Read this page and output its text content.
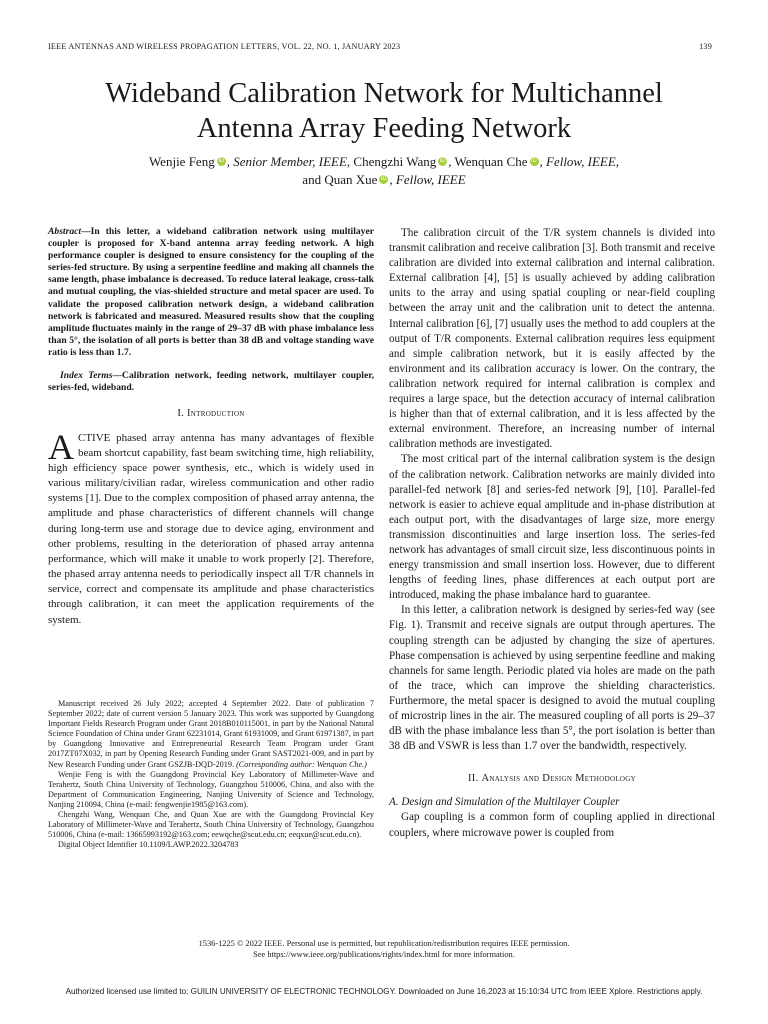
IEEE ANTENNAS AND WIRELESS PROPAGATION LETTERS, VOL. 22, NO. 1, JANUARY 2023	139
Wideband Calibration Network for Multichannel
Antenna Array Feeding Network
Wenjie Feng iD , Senior Member, IEEE, Chengzhi Wang iD , Wenquan Che iD , Fellow, IEEE,
and Quan Xue iD , Fellow, IEEE

Abstract—In this letter, a wideband calibration network using multilayer coupler is proposed for X-band antenna array feeding network. A high performance coupler is designed to ensure consistency for the coupling of the series-fed structure. By using a serpentine feedline and making all channels the same length, phase imbalance is decreased. To reduce lateral leakage, cross-talk and mutual coupling, the vias-shielded structure and metal spacer are used. To validate the proposed calibration network design, a wideband calibration network is fabricated and measured. Measured results show that the coupling amplitude fluctuates mainly in the range of 29–37 dB with phase imbalance less than 5°, the isolation of all ports is better than 38 dB and voltage standing wave ratio is less than 1.7.

Index Terms—Calibration network, feeding network, multilayer coupler, series-fed, wideband.

I. Introduction

ACTIVE phased array antenna has many advantages of flexible beam shortcut capability, fast beam switching time, high reliability, high efficiency space power synthesis, etc., which is widely used in various military/civilian radar, wireless communication and other radio systems [1]. Due to the complex composition of phased array antenna, the amplitude and phase characteristics of different channels will change during long-term use and storage due to device aging, environment and other problems, resulting in the deterioration of phased array antenna performance, which will make it unable to work properly [2]. Therefore, the phased array antenna needs to periodically inspect all T/R channels in service, correct and compensate its amplitude and phase characteristics through calibration, it can meet the application requirements of the system.

Manuscript received 26 July 2022; accepted 4 September 2022. Date of publication 7 September 2022; date of current version 5 January 2023. This work was supported by Guangdong Important Fields Research Program under Grant 2018B010115001, in part by the National Natural Science Foundation of China under Grant 62231014, Grant 61931009, and Grant 61971387, in part by Guangdong Innovative and Entrepreneurial Research Team Program under Grant 2017ZT07X032, in part by Opening Research Funding under Grant SAST2021-009, and in part by New Research Funding under Grant GSZJB-DQD-2019. (Corresponding author: Wenquan Che.)

Wenjie Feng is with the Guangdong Provincial Key Laboratory of Millimeter-Wave and Terahertz, South China University of Technology, Guangzhou 510006, China, and also with the Department of Communication Engineering, Nanjing University of Science and Technology, Nanjing 210094, China (e-mail: fengwenjie1985@163.com).

Chengzhi Wang, Wenquan Che, and Quan Xue are with the Guangdong Provincial Key Laboratory of Millimeter-Wave and Terahertz, South China University of Technology, Guangzhou 510006, China (e-mail: 13665993192@163.com; eewqche@scut.edu.cn; eeqxue@scut.edu.cn).

Digital Object Identifier 10.1109/LAWP.2022.3204783

The calibration circuit of the T/R system channels is divided into transmit calibration and receive calibration [3]. Both transmit and receive calibration are divided into external calibration and internal calibration. External calibration [4], [5] is usually achieved by adding calibration units to the array and using spatial coupling or near-field coupling between the array unit and the calibration unit to detect the antenna. Internal calibration [6], [7] usually uses the method to add couplers at the output of T/R components. External calibration requires less equipment and simple calibration network, but it is easily affected by the environment and its calibration accuracy is lower. On the contrary, the calibration network required for internal calibration is complex and requires a large space, but the detection accuracy of internal calibration is higher than that of external calibration, and it is less affected by the external environment. Therefore, an increasing number of internal calibration methods are investigated.

The most critical part of the internal calibration system is the design of the calibration network. Calibration networks are mainly divided into parallel-fed network [8] and series-fed network [9], [10]. Parallel-fed network is easier to achieve equal amplitude and in-phase distribution at each output port, with the disadvantages of large size, more energy transmission discontinuities and large insertion loss. The series-fed network has advantages of small circuit size, less discontinuous points in energy transmission and small insertion loss. However, due to different lengths of feeding lines, phase differences at each output port are introduced, making the phase imbalance hard to guarantee.

In this letter, a calibration network is designed by series-fed way (see Fig. 1). Transmit and receive signals are output through apertures. The coupling strength can be adjusted by changing the size of apertures. Phase compensation is achieved by using serpentine feedline and making channels for same length. Periodic plated via holes are made on the path of the trace, which can improve the shielding characteristics. Furthermore, the metal spacer is designed to avoid the mutual coupling of microstrip lines in the air. The measured coupling of all ports is 29–37 dB with the phase imbalance less than 5°, the port isolation is better than 38 dB and VSWR is less than 1.7 over the bandwidth, respectively.

II. Analysis and Design Methodology

A. Design and Simulation of the Multilayer Coupler

Gap coupling is a common form of coupling applied in directional couplers, where microwave power is coupled from

1536-1225 © 2022 IEEE. Personal use is permitted, but republication/redistribution requires IEEE permission.
See https://www.ieee.org/publications/rights/index.html for more information.
Authorized licensed use limited to: GUILIN UNIVERSITY OF ELECTRONIC TECHNOLOGY. Downloaded on June 16,2023 at 15:10:34 UTC from IEEE Xplore. Restrictions apply.
